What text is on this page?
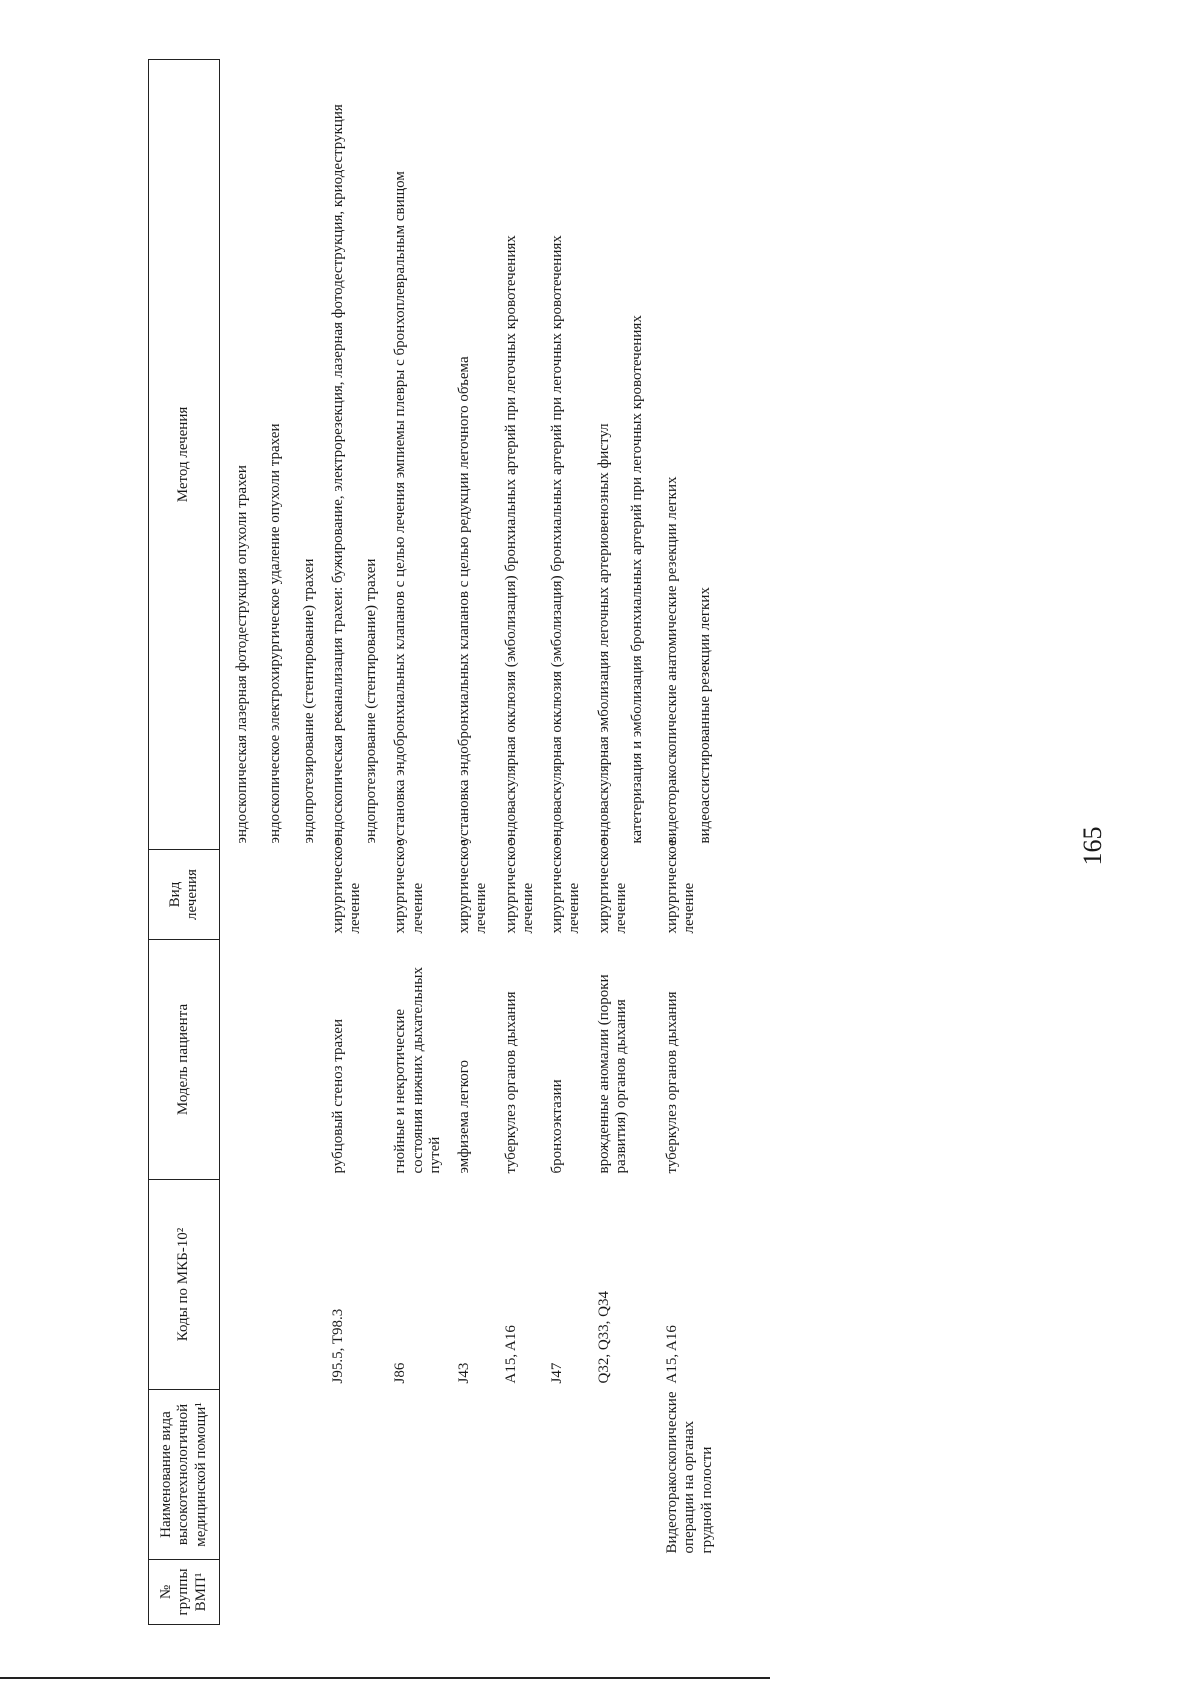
165
№ группы ВМП¹	Наименование вида высокотехнологичной медицинской помощи¹	Коды по МКБ-10²	Модель пациента	Вид лечения	Метод лечения

					эндоскопическая лазерная фотодеструкция опухоли трахеи эндоскопическое электрохирургическое удаление опухоли трахеи эндопротезирование (стентирование) трахеи

		J95.5, T98.3	рубцовый стеноз трахеи	хирургическое лечение	эндоскопическая реканализация трахеи: бужирование, электрорезекция, лазерная фотодеструкция, криодеструкция эндопротезирование (стентирование) трахеи

		J86	гнойные и некротические состояния нижних дыхательных путей	хирургическое лечение	установка эндобронхиальных клапанов с целью лечения эмпиемы плевры с бронхоплевральным свищом

		J43	эмфизема легкого	хирургическое лечение	установка эндобронхиальных клапанов с целью редукции легочного объема

		A15, A16	туберкулез органов дыхания	хирургическое лечение	эндоваскулярная окклюзия (эмболизация) бронхиальных артерий при легочных кровотечениях

		J47	бронхоэктазии	хирургическое лечение	эндоваскулярная окклюзия (эмболизация) бронхиальных артерий при легочных кровотечениях

		Q32, Q33, Q34	врожденные аномалии (пороки развития) органов дыхания	хирургическое лечение	эндоваскулярная эмболизация легочных артериовенозных фистул катетеризация и эмболизация бронхиальных артерий при легочных кровотечениях

	Видеоторакоскопические операции на органах грудной полости	A15, A16	туберкулез органов дыхания	хирургическое лечение	видеоторакоскопические анатомические резекции легких видеоассистированные резекции легких
